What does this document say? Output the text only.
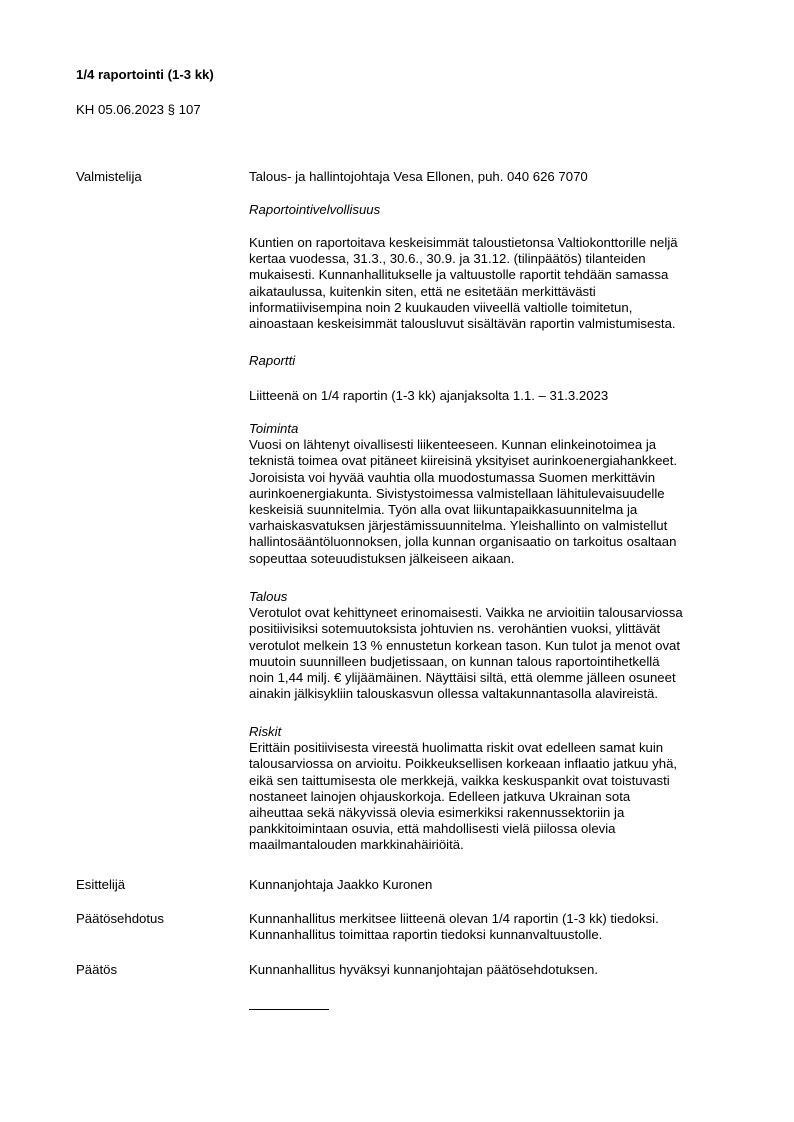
1/4 raportointi (1-3 kk)
KH 05.06.2023 § 107
Valmistelija	Talous- ja hallintojohtaja Vesa Ellonen, puh. 040 626 7070
Raportointivelvollisuus
Kuntien on raportoitava keskeisimmät taloustietonsa Valtiokonttorille neljä
kertaa vuodessa, 31.3., 30.6., 30.9. ja 31.12. (tilinpäätös) tilanteiden
mukaisesti. Kunnanhallitukselle ja valtuustolle raportit tehdään samassa
aikataulussa, kuitenkin siten, että ne esitetään merkittävästi
informatiivisempina noin 2 kuukauden viiveellä valtiolle toimitetun,
ainoastaan keskeisimmät talousluvut sisältävän raportin valmistumisesta.
Raportti
Liitteenä on 1/4 raportin (1-3 kk) ajanjaksolta 1.1. – 31.3.2023
Toiminta
Vuosi on lähtenyt oivallisesti liikenteeseen. Kunnan elinkeinotoimea ja
teknistä toimea ovat pitäneet kiireisinä yksityiset aurinkoenergiahankkeet.
Joroisista voi hyvää vauhtia olla muodostumassa Suomen merkittävin
aurinkoenergiakunta. Sivistystoimessa valmistellaan lähitulevaisuudelle
keskeisiä suunnitelmia. Työn alla ovat liikuntapaikkasuunnitelma ja
varhaiskasvatuksen järjestämissuunnitelma. Yleishallinto on valmistellut
hallintosääntöluonnoksen, jolla kunnan organisaatio on tarkoitus osaltaan
sopeuttaa soteuudistuksen jälkeiseen aikaan.
Talous
Verotulot ovat kehittyneet erinomaisesti. Vaikka ne arvioitiin talousarviossa
positiivisiksi sotemuutoksista johtuvien ns. verohäntien vuoksi, ylittävät
verotulot melkein 13 % ennustetun korkean tason. Kun tulot ja menot ovat
muutoin suunnilleen budjetissaan, on kunnan talous raportointihetkellä
noin 1,44 milj. € ylijäämäinen. Näyttäisi siltä, että olemme jälleen osuneet
ainakin jälkisykliin talouskasvun ollessa valtakunnantasolla alavireistä.
Riskit
Erittäin positiivisesta vireestä huolimatta riskit ovat edelleen samat kuin
talousarviossa on arvioitu. Poikkeuksellisen korkeaan inflaatio jatkuu yhä,
eikä sen taittumisesta ole merkkejä, vaikka keskuspankit ovat toistuvasti
nostaneet lainojen ohjauskorkoja. Edelleen jatkuva Ukrainan sota
aiheuttaa sekä näkyvissä olevia esimerkiksi rakennussektoriin ja
pankkitoimintaan osuvia, että mahdollisesti vielä piilossa olevia
maailmantalouden markkinahäiriöitä.
Esittelijä	Kunnanjohtaja Jaakko Kuronen
Päätösehdotus	Kunnanhallitus merkitsee liitteenä olevan 1/4 raportin (1-3 kk) tiedoksi.
Kunnanhallitus toimittaa raportin tiedoksi kunnanvaltuustolle.
Päätös	Kunnanhallitus hyväksyi kunnanjohtajan päätösehdotuksen.
